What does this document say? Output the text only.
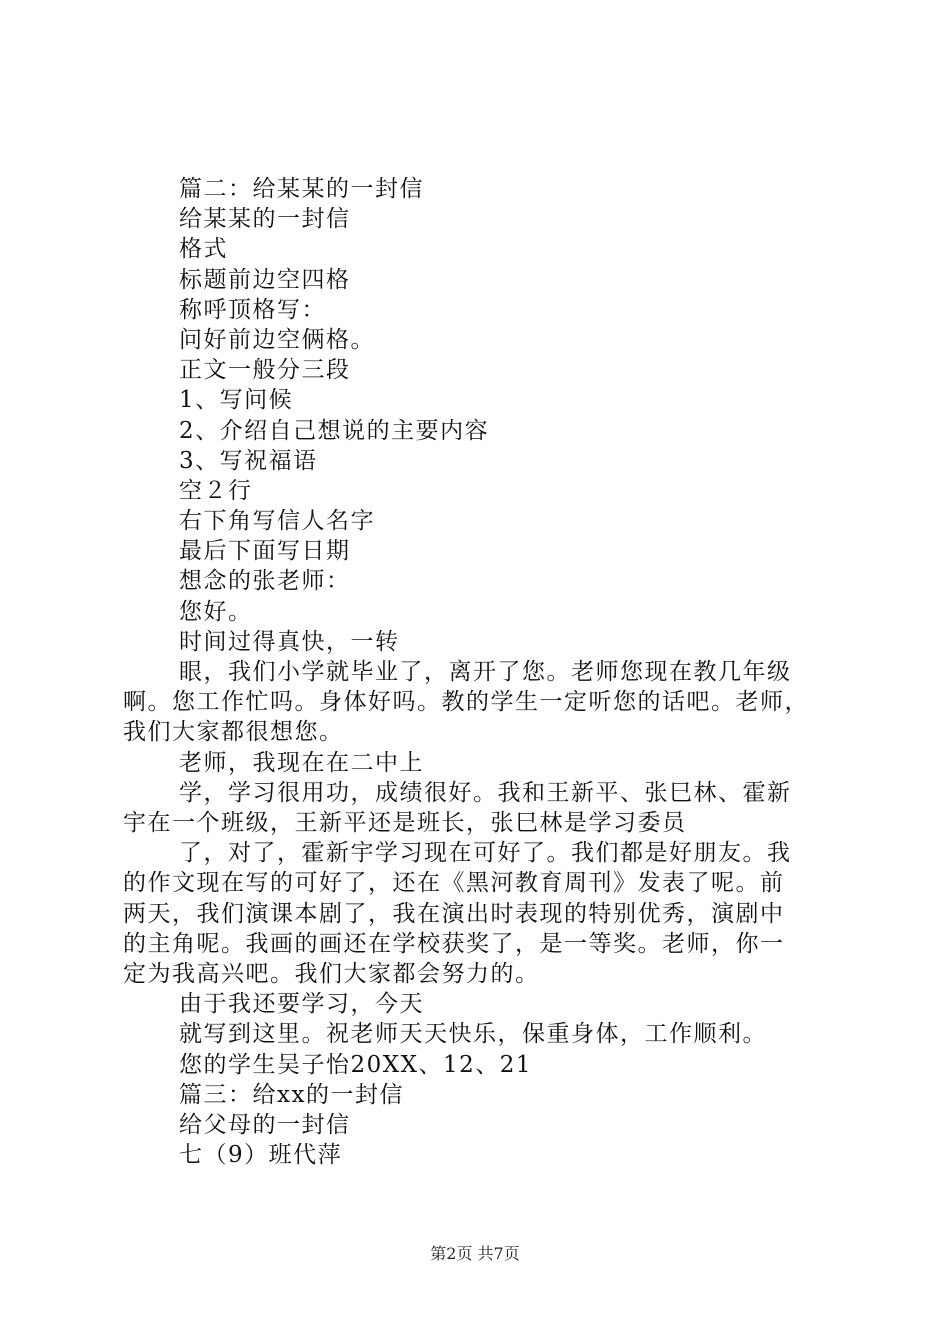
篇二：给某某的一封信
给某某的一封信
格式
标题前边空四格
称呼顶格写：
问好前边空俩格。
正文一般分三段
1、写问候
2、介绍自己想说的主要内容
3、写祝福语
空２行
右下角写信人名字
最后下面写日期
想念的张老师：
您好。
时间过得真快，一转
眼，我们小学就毕业了，离开了您。老师您现在教几年级
啊。您工作忙吗。身体好吗。教的学生一定听您的话吧。老师，
我们大家都很想您。
老师，我现在在二中上
学，学习很用功，成绩很好。我和王新平、张巳林、霍新
宇在一个班级，王新平还是班长，张巳林是学习委员
了，对了，霍新宇学习现在可好了。我们都是好朋友。我
的作文现在写的可好了，还在《黑河教育周刊》发表了呢。前
两天，我们演课本剧了，我在演出时表现的特别优秀，演剧中
的主角呢。我画的画还在学校获奖了，是一等奖。老师，你一
定为我高兴吧。我们大家都会努力的。
由于我还要学习，今天
就写到这里。祝老师天天快乐，保重身体，工作顺利。
您的学生吴子怡20XX、12、21
篇三：给xx的一封信
给父母的一封信
七（9）班代萍
第2页 共7页
